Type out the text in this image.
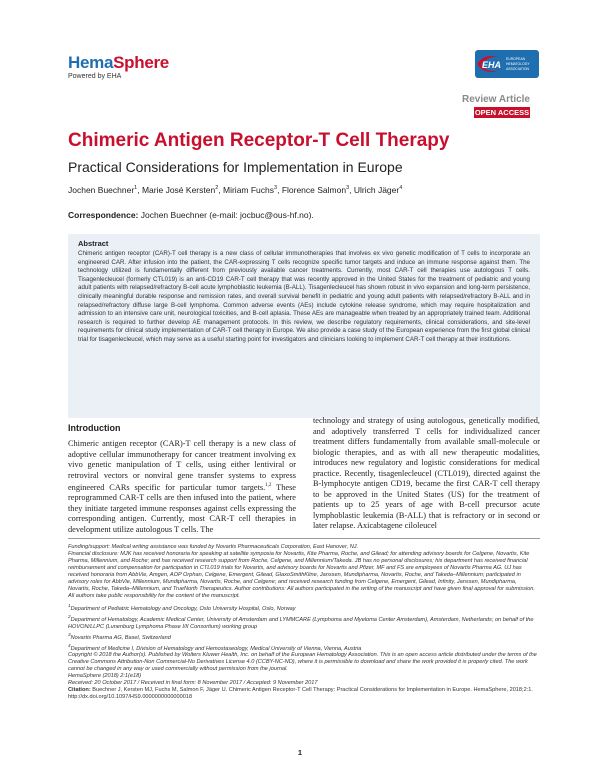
HemaSphere
Powered by EHA
EHA
EUROPEAN
HEMATOLOGY
ASSOCIATION
Review Article
OPEN ACCESS
Chimeric Antigen Receptor-T Cell Therapy
Practical Considerations for Implementation in Europe
Jochen Buechner$^1$, Marie José Kersten$^2$, Miriam Fuchs$^3$, Florence Salmon$^3$, Ulrich Jäger$^4$
Correspondence: Jochen Buechner (e-mail: jocbuc@ous-hf.no).
Abstract
Chimeric antigen receptor (CAR)-T cell therapy is a new class of cellular immunotherapies that involves ex vivo genetic modification of T cells to incorporate an engineered CAR. After infusion into the patient, the CAR-expressing T cells recognize specific tumor targets and induce an immune response against them. The technology utilized is fundamentally different from previously available cancer treatments. Currently, most CAR-T cell therapies use autologous T cells. Tisagenlecleucel (formerly CTL019) is an anti-CD19 CAR-T cell therapy that was recently approved in the United States for the treatment of pediatric and young adult patients with relapsed/refractory B-cell acute lymphoblastic leukemia (B-ALL). Tisagenlecleucel has shown robust in vivo expansion and long-term persistence, clinically meaningful durable response and remission rates, and overall survival benefit in pediatric and young adult patients with relapsed/refractory B-ALL and in relapsed/refractory diffuse large B-cell lymphoma. Common adverse events (AEs) include cytokine release syndrome, which may require hospitalization and admission to an intensive care unit, neurological toxicities, and B-cell aplasia. These AEs are manageable when treated by an appropriately trained team. Additional research is required to further develop AE management protocols. In this review, we describe regulatory requirements, clinical considerations, and site-level requirements for clinical study implementation of CAR-T cell therapy in Europe. We also provide a case study of the European experience from the first global clinical trial for tisagenlecleucel, which may serve as a useful starting point for investigators and clinicians looking to implement CAR-T cell therapy at their institutions.
Introduction
Chimeric antigen receptor (CAR)-T cell therapy is a new class of adoptive cellular immunotherapy for cancer treatment involving ex vivo genetic manipulation of T cells, using either lentiviral or retroviral vectors or nonviral gene transfer systems to express engineered CARs specific for particular tumor targets.$^{1,2}$ These reprogrammed CAR-T cells are then infused into the patient, where they initiate targeted immune responses against cells expressing the corresponding antigen. Currently, most CAR-T cell therapies in development utilize autologous T cells. The
technology and strategy of using autologous, genetically modified, and adoptively transferred T cells for individualized cancer treatment differs fundamentally from available small-molecule or biologic therapies, and as with all new therapeutic modalities, introduces new regulatory and logistic considerations for medical practice. Recently, tisagenlecleucel (CTL019), directed against the B-lymphocyte antigen CD19, became the first CAR-T cell therapy to be approved in the United States (US) for the treatment of patients up to 25 years of age with B-cell precursor acute lymphoblastic leukemia (B-ALL) that is refractory or in second or later relapse. Axicabtagene ciloleucel

Funding/support: Medical writing assistance was funded by Novartis Pharmaceuticals Corporation, East Hanover, NJ.

Financial disclosure: MJK has received honoraria for speaking at satellite symposia for Novartis, Kite Pharma, Roche, and Gilead; for attending advisory boards for Celgene, Novartis, Kite Pharma, Millennium, and Roche; and has received research support from Roche, Celgene, and Millennium/Takeda. JB has no personal disclosures; his department has received financial reimbursement and compensation for participation in CTL019 trials for Novartis, and advisory boards for Novartis and Pfizer. MF and FS are employees of Novartis Pharma AG. UJ has received honoraria from AbbVie, Amgen, AOP Orphan, Celgene, Emergent, Gilead, GlaxoSmithKline, Janssen, Mundipharma, Novartis, Roche, and Takeda–Millennium; participated in advisory roles for AbbVie, Millennium, Mundipharma, Novartis, Roche, and Celgene; and received research funding from Celgene, Emergent, Gilead, Infinity, Janssen, Mundipharma, Novartis, Roche, Takeda–Millennium, and TrueNorth Therapeutics. Author contributions: All authors participated in the writing of the manuscript and have given final approval for submission. All authors take public responsibility for the content of the manuscript.

$^1$Department of Pediatric Hematology and Oncology, Oslo University Hospital, Oslo, Norway

$^2$Department of Hematology, Academic Medical Center, University of Amsterdam and LYMMCARE (Lymphoma and Myeloma Center Amsterdam), Amsterdam, Netherlands; on behalf of the HOVON/LLPC (Lunenburg Lymphoma Phase I/II Consortium) working group

$^3$Novartis Pharma AG, Basel, Switzerland

$^4$Department of Medicine I, Division of Hematology and Hemostaseology, Medical University of Vienna, Vienna, Austria

Copyright © 2018 the Author(s). Published by Wolters Kluwer Health, Inc. on behalf of the European Hematology Association. This is an open access article distributed under the terms of the Creative Commons Attribution-Non Commercial-No Derivatives License 4.0 (CCBY-NC-ND), where it is permissible to download and share the work provided it is properly cited. The work cannot be changed in any way or used commercially without permission from the journal.

HemaSphere (2018) 2:1(e18)

Received: 20 October 2017 / Received in final form: 8 November 2017 / Accepted: 9 November 2017

Citation: Buechner J, Kersten MJ, Fuchs M, Salmon F, Jäger U. Chimeric Antigen Receptor-T Cell Therapy: Practical Considerations for Implementation in Europe. HemaSphere, 2018;2:1. http://dx.doi.org/10.1097/HS9.0000000000000018

1
